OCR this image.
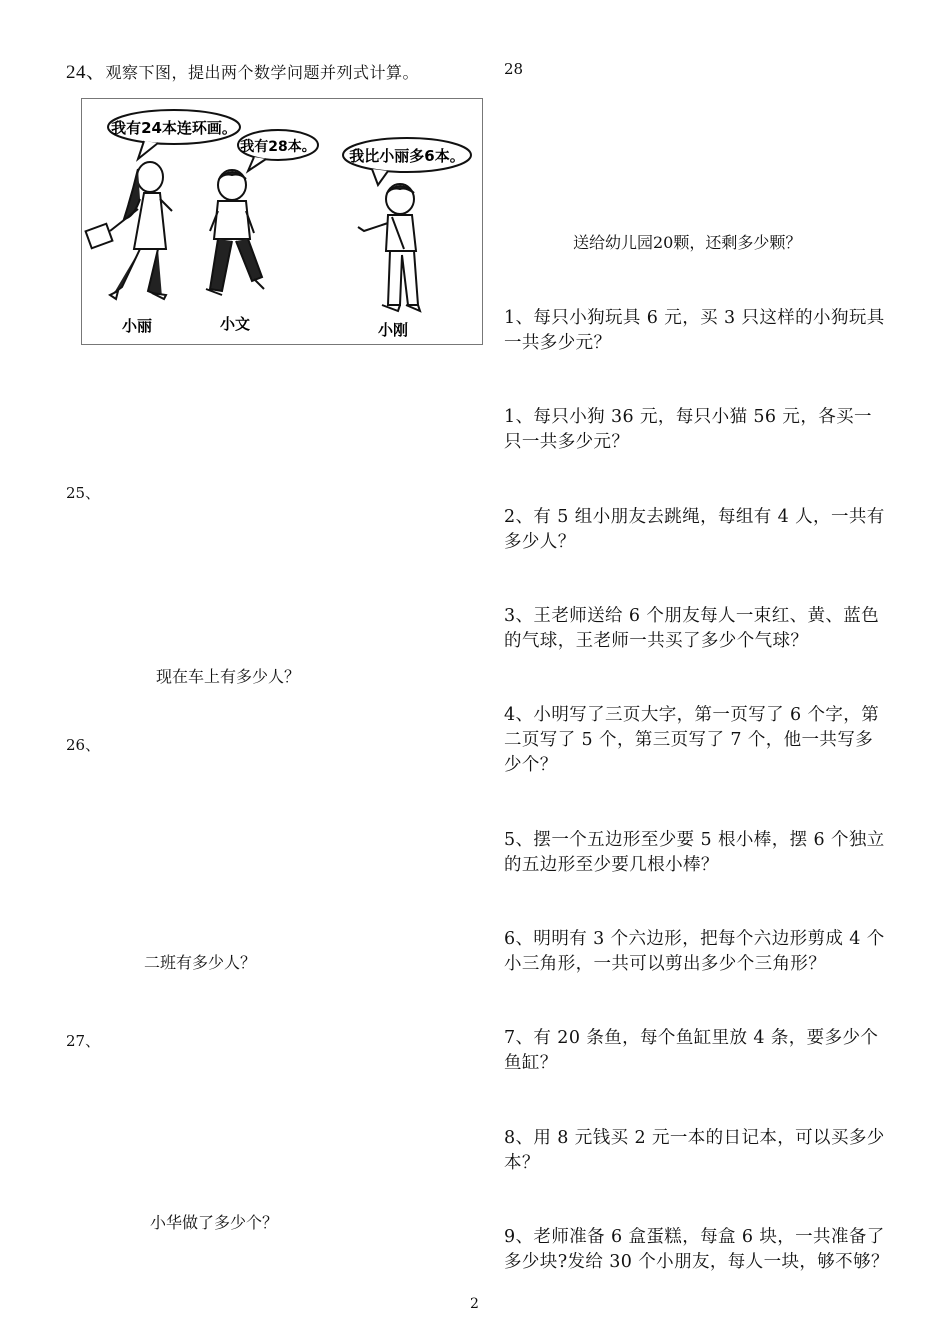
24、观察下图，提出两个数学问题并列式计算。
我有24本连环画。
我有28本。 我比小丽多6本。
小丽	小文	小刚
25、
现在车上有多少人？
26、
二班有多少人？
27、
小华做了多少个？
28
送给幼儿园20颗，还剩多少颗？
1、每只小狗玩具 6 元，买 3 只这样的小狗玩具一共多少元？
1、每只小狗 36 元，每只小猫 56 元，各买一只一共多少元？
2、有 5 组小朋友去跳绳，每组有 4 人，一共有多少人？
3、王老师送给 6 个朋友每人一束红、黄、蓝色的气球，王老师一共买了多少个气球？
4、小明写了三页大字，第一页写了 6 个字，第二页写了 5 个，第三页写了 7 个，他一共写多少个？
5、摆一个五边形至少要 5 根小棒，摆 6 个独立的五边形至少要几根小棒？
6、明明有 3 个六边形，把每个六边形剪成 4 个小三角形，一共可以剪出多少个三角形？
7、有 20 条鱼，每个鱼缸里放 4 条，要多少个鱼缸？
8、用 8 元钱买 2 元一本的日记本，可以买多少本？
9、老师准备 6 盒蛋糕，每盒 6 块，一共准备了多少块?发给 30 个小朋友，每人一块，够不够？
2
